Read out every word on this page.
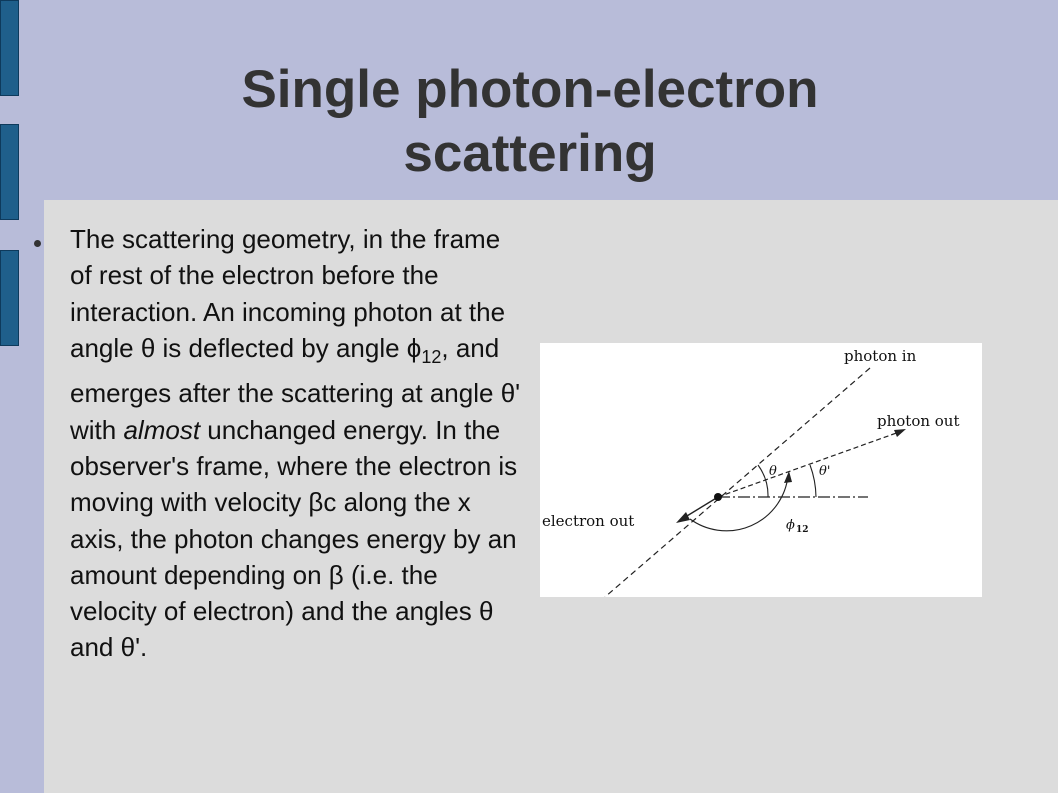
Single photon-electron
scattering

The scattering geometry, in the frame of rest of the electron before the interaction. An incoming photon at the angle θ is deflected by angle $\phi_{12}$, and emerges after the scattering at angle θ' with almost unchanged energy. In the observer's frame, where the electron is moving with velocity βc along the x axis, the photon changes energy by an amount depending on β (i.e. the velocity of electron) and the angles θ and θ'.

photon in
photon out
electron out
θ	θ'
ϕ 12
